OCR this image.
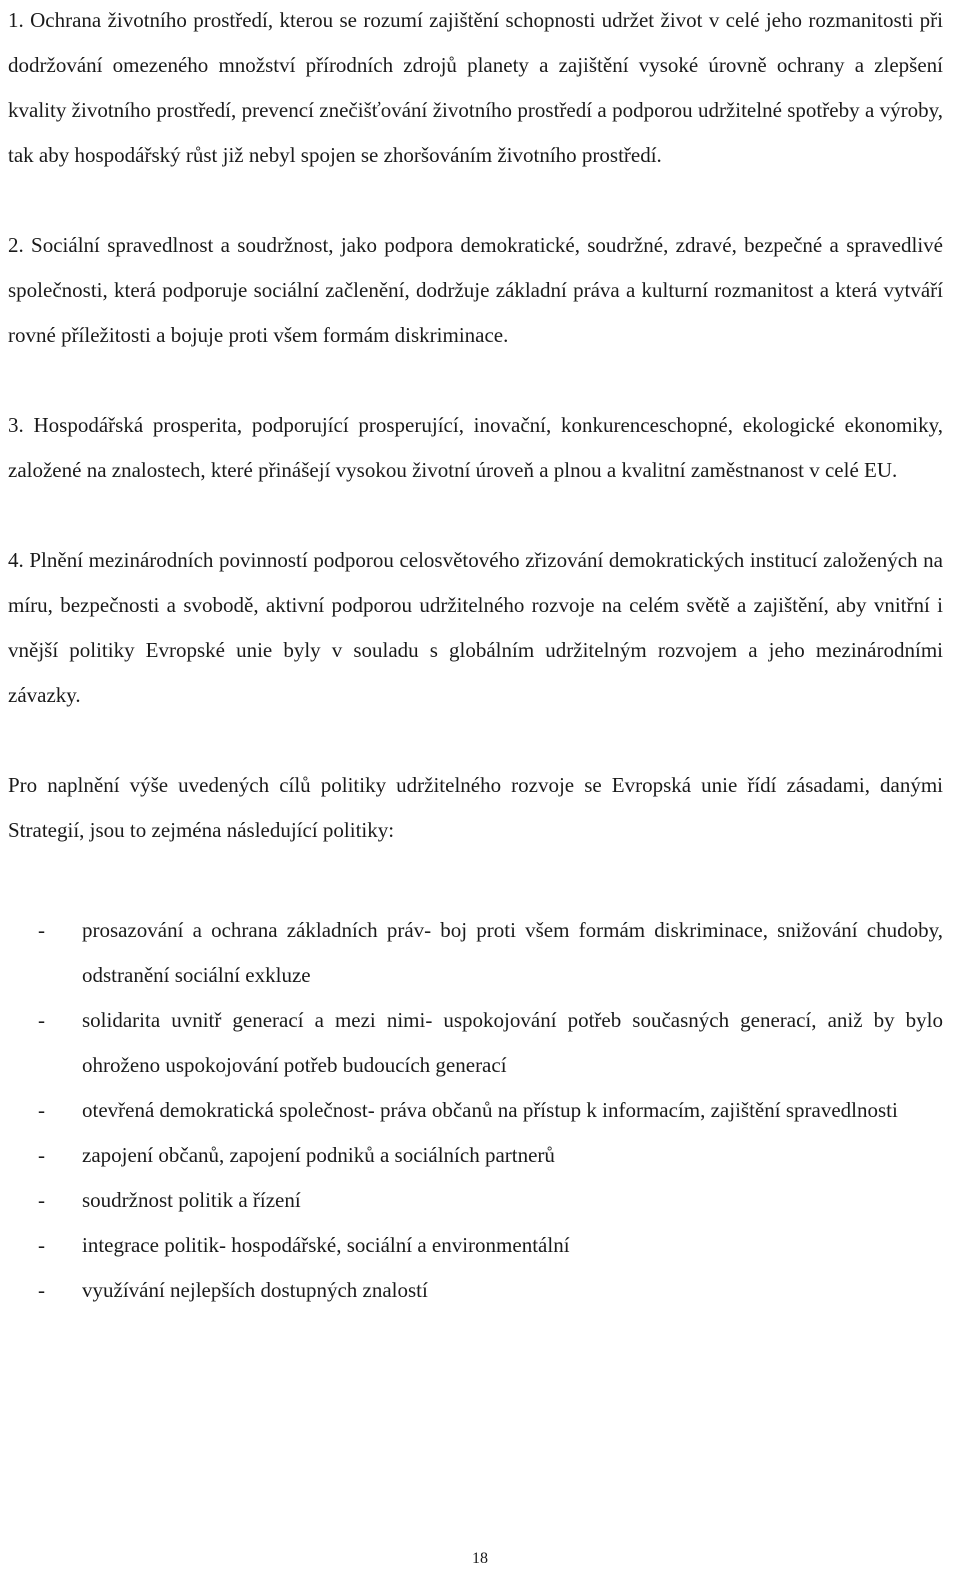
1. Ochrana životního prostředí, kterou se rozumí zajištění schopnosti udržet život v celé jeho rozmanitosti při dodržování omezeného množství přírodních zdrojů planety a zajištění vysoké úrovně ochrany a zlepšení kvality životního prostředí, prevencí znečišťování životního prostředí a podporou udržitelné spotřeby a výroby, tak aby hospodářský růst již nebyl spojen se zhoršováním životního prostředí.

2. Sociální spravedlnost a soudržnost, jako podpora demokratické, soudržné, zdravé, bezpečné a spravedlivé společnosti, která podporuje sociální začlenění, dodržuje základní práva a kulturní rozmanitost a která vytváří rovné příležitosti a bojuje proti všem formám diskriminace.

3. Hospodářská prosperita, podporující prosperující, inovační, konkurenceschopné, ekologické ekonomiky, založené na znalostech, které přinášejí vysokou životní úroveň a plnou a kvalitní zaměstnanost v celé EU.

4. Plnění mezinárodních povinností podporou celosvětového zřizování demokratických institucí založených na míru, bezpečnosti a svobodě, aktivní podporou udržitelného rozvoje na celém světě a zajištění, aby vnitřní i vnější politiky Evropské unie byly v souladu s globálním udržitelným rozvojem a jeho mezinárodními závazky.

Pro naplnění výše uvedených cílů politiky udržitelného rozvoje se Evropská unie řídí zásadami, danými Strategií, jsou to zejména následující politiky:

- prosazování a ochrana základních práv- boj proti všem formám diskriminace, snižování chudoby, odstranění sociální exkluze
- solidarita uvnitř generací a mezi nimi- uspokojování potřeb současných generací, aniž by bylo ohroženo uspokojování potřeb budoucích generací
- otevřená demokratická společnost- práva občanů na přístup k informacím, zajištění spravedlnosti
- zapojení občanů, zapojení podniků a sociálních partnerů
- soudržnost politik a řízení
- integrace politik- hospodářské, sociální a environmentální
- využívání nejlepších dostupných znalostí
18
